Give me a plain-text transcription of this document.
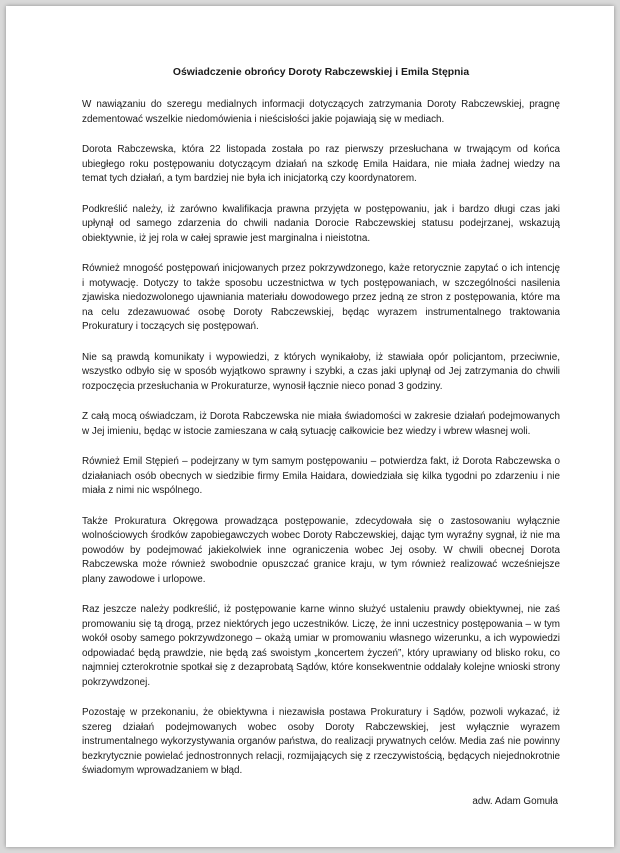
Oświadczenie obrońcy Doroty Rabczewskiej i Emila Stępnia

W nawiązaniu do szeregu medialnych informacji dotyczących zatrzymania Doroty Rabczewskiej, pragnę zdementować wszelkie niedomówienia i nieścisłości jakie pojawiają się w mediach.

Dorota Rabczewska, która 22 listopada została po raz pierwszy przesłuchana w trwającym od końca ubiegłego roku postępowaniu dotyczącym działań na szkodę Emila Haidara, nie miała żadnej wiedzy na temat tych działań, a tym bardziej nie była ich inicjatorką czy koordynatorem.

Podkreślić należy, iż zarówno kwalifikacja prawna przyjęta w postępowaniu, jak i bardzo długi czas jaki upłynął od samego zdarzenia do chwili nadania Dorocie Rabczewskiej statusu podejrzanej, wskazują obiektywnie, iż jej rola w całej sprawie jest marginalna i nieistotna.

Również mnogość postępowań inicjowanych przez pokrzywdzonego, każe retorycznie zapytać o ich intencję i motywację. Dotyczy to także sposobu uczestnictwa w tych postępowaniach, w szczególności nasilenia zjawiska niedozwolonego ujawniania materiału dowodowego przez jedną ze stron z postępowania, które ma na celu zdezawuować osobę Doroty Rabczewskiej, będąc wyrazem instrumentalnego traktowania Prokuratury i toczących się postępowań.

Nie są prawdą komunikaty i wypowiedzi, z których wynikałoby, iż stawiała opór policjantom, przeciwnie, wszystko odbyło się w sposób wyjątkowo sprawny i szybki, a czas jaki upłynął od Jej zatrzymania do chwili rozpoczęcia przesłuchania w Prokuraturze, wynosił łącznie nieco ponad 3 godziny.

Z całą mocą oświadczam, iż Dorota Rabczewska nie miała świadomości w zakresie działań podejmowanych w Jej imieniu, będąc w istocie zamieszana w całą sytuację całkowicie bez wiedzy i wbrew własnej woli.

Również Emil Stępień – podejrzany w tym samym postępowaniu – potwierdza fakt, iż Dorota Rabczewska o działaniach osób obecnych w siedzibie firmy Emila Haidara, dowiedziała się kilka tygodni po zdarzeniu i nie miała z nimi nic wspólnego.

Także Prokuratura Okręgowa prowadząca postępowanie, zdecydowała się o zastosowaniu wyłącznie wolnościowych środków zapobiegawczych wobec Doroty Rabczewskiej, dając tym wyraźny sygnał, iż nie ma powodów by podejmować jakiekolwiek inne ograniczenia wobec Jej osoby. W chwili obecnej Dorota Rabczewska może również swobodnie opuszczać granice kraju, w tym również realizować wcześniejsze plany zawodowe i urlopowe.

Raz jeszcze należy podkreślić, iż postępowanie karne winno służyć ustaleniu prawdy obiektywnej, nie zaś promowaniu się tą drogą, przez niektórych jego uczestników. Liczę, że inni uczestnicy postępowania – w tym wokół osoby samego pokrzywdzonego – okażą umiar w promowaniu własnego wizerunku, a ich wypowiedzi odpowiadać będą prawdzie, nie będą zaś swoistym „koncertem życzeń”, który uprawiany od blisko roku, co najmniej czterokrotnie spotkał się z dezaprobatą Sądów, które konsekwentnie oddalały kolejne wnioski strony pokrzywdzonej.

Pozostaję w przekonaniu, że obiektywna i niezawisła postawa Prokuratury i Sądów, pozwoli wykazać, iż szereg działań podejmowanych wobec osoby Doroty Rabczewskiej, jest wyłącznie wyrazem instrumentalnego wykorzystywania organów państwa, do realizacji prywatnych celów. Media zaś nie powinny bezkrytycznie powielać jednostronnych relacji, rozmijających się z rzeczywistością, będących niejednokrotnie świadomym wprowadzaniem w błąd.

adw. Adam Gomuła
